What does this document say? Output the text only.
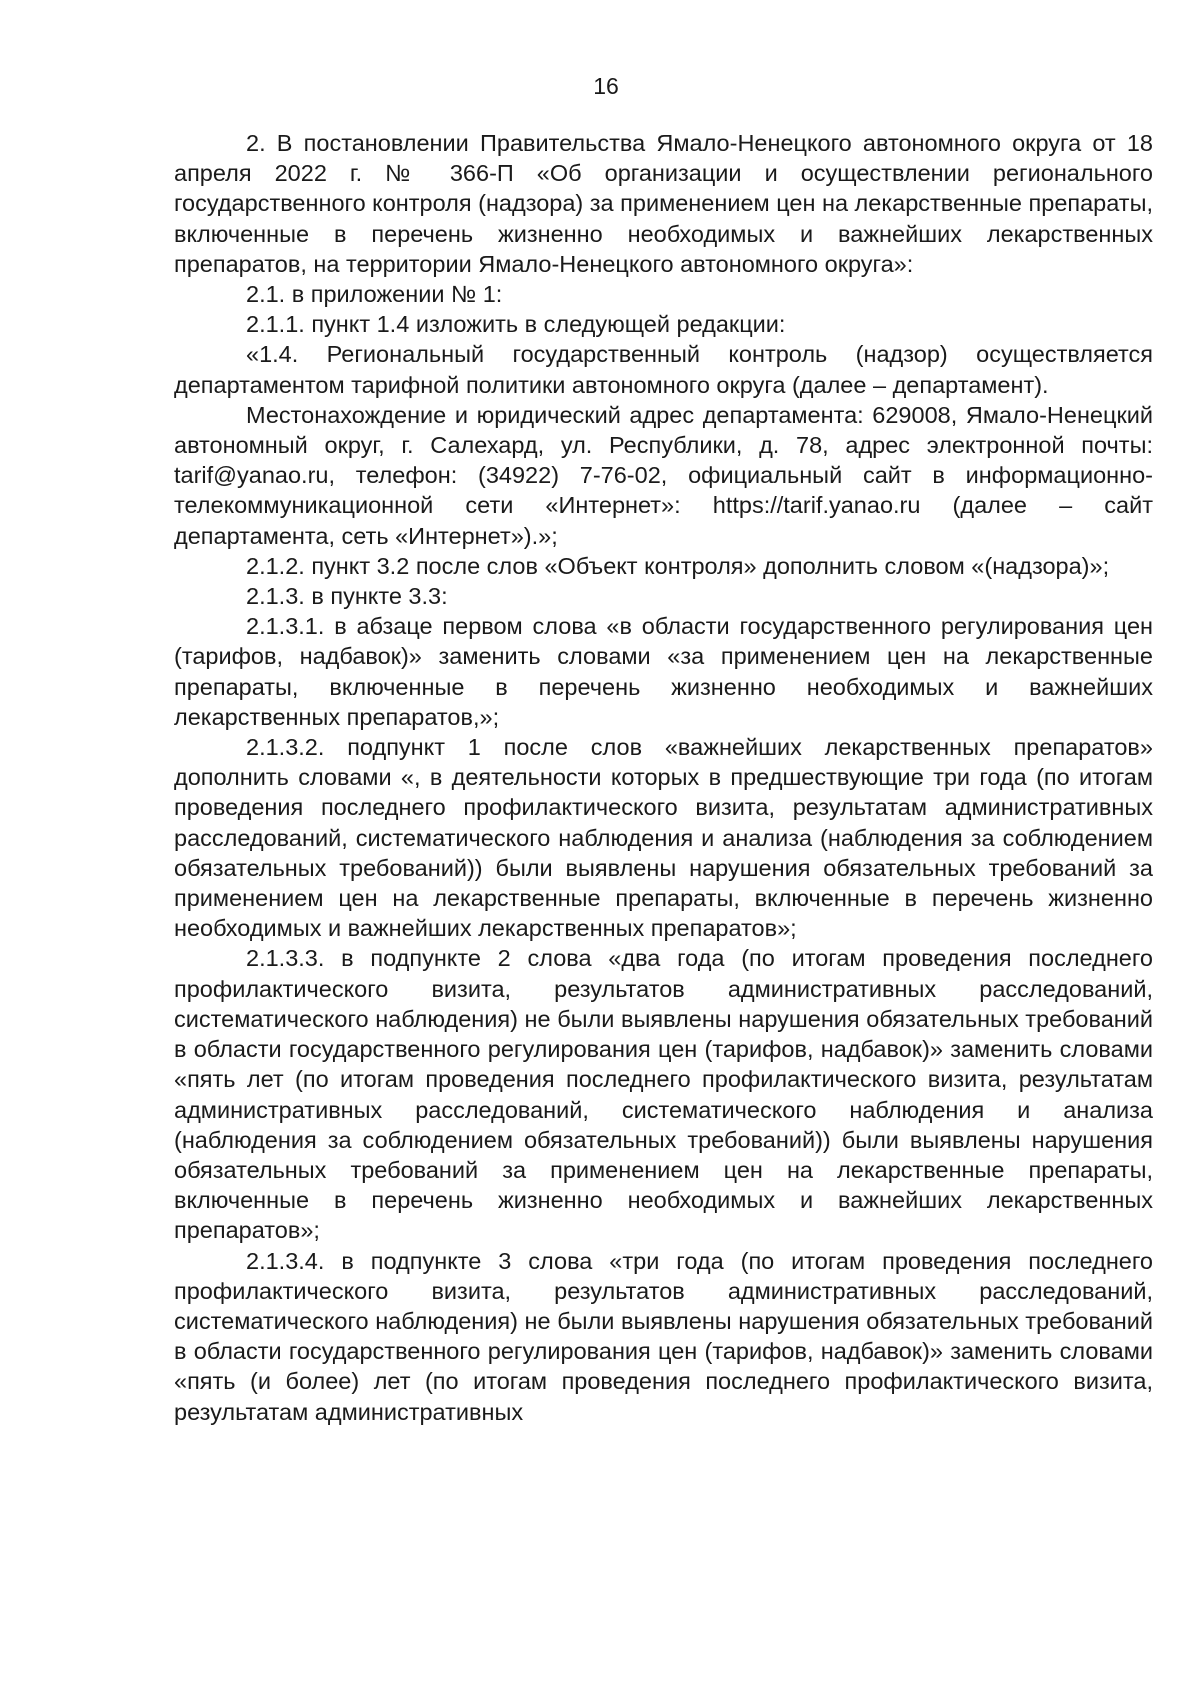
16

2. В постановлении Правительства Ямало-Ненецкого автономного округа от 18 апреля 2022 г. № 366-П «Об организации и осуществлении регионального государственного контроля (надзора) за применением цен на лекарственные препараты, включенные в перечень жизненно необходимых и важнейших лекарственных препаратов, на территории Ямало-Ненецкого автономного округа»:

2.1. в приложении № 1:

2.1.1. пункт 1.4 изложить в следующей редакции:

«1.4. Региональный государственный контроль (надзор) осуществляется департаментом тарифной политики автономного округа (далее – департамент).

Местонахождение и юридический адрес департамента: 629008, Ямало-Ненецкий автономный округ, г. Салехард, ул. Республики, д. 78, адрес электронной почты: tarif@yanao.ru, телефон: (34922) 7-76-02, официальный сайт в информационно-телекоммуникационной сети «Интернет»: https://tarif.yanao.ru (далее – сайт департамента, сеть «Интернет»).»;

2.1.2. пункт 3.2 после слов «Объект контроля» дополнить словом «(надзора)»;

2.1.3. в пункте 3.3:

2.1.3.1. в абзаце первом слова «в области государственного регулирования цен (тарифов, надбавок)» заменить словами «за применением цен на лекарственные препараты, включенные в перечень жизненно необходимых и важнейших лекарственных препаратов,»;

2.1.3.2. подпункт 1 после слов «важнейших лекарственных препаратов» дополнить словами «, в деятельности которых в предшествующие три года (по итогам проведения последнего профилактического визита, результатам административных расследований, систематического наблюдения и анализа (наблюдения за соблюдением обязательных требований)) были выявлены нарушения обязательных требований за применением цен на лекарственные препараты, включенные в перечень жизненно необходимых и важнейших лекарственных препаратов»;

2.1.3.3. в подпункте 2 слова «два года (по итогам проведения последнего профилактического визита, результатов административных расследований, систематического наблюдения) не были выявлены нарушения обязательных требований в области государственного регулирования цен (тарифов, надбавок)» заменить словами «пять лет (по итогам проведения последнего профилактического визита, результатам административных расследований, систематического наблюдения и анализа (наблюдения за соблюдением обязательных требований)) были выявлены нарушения обязательных требований за применением цен на лекарственные препараты, включенные в перечень жизненно необходимых и важнейших лекарственных препаратов»;

2.1.3.4. в подпункте 3 слова «три года (по итогам проведения последнего профилактического визита, результатов административных расследований, систематического наблюдения) не были выявлены нарушения обязательных требований в области государственного регулирования цен (тарифов, надбавок)» заменить словами «пять (и более) лет (по итогам проведения последнего профилактического визита, результатам административных
